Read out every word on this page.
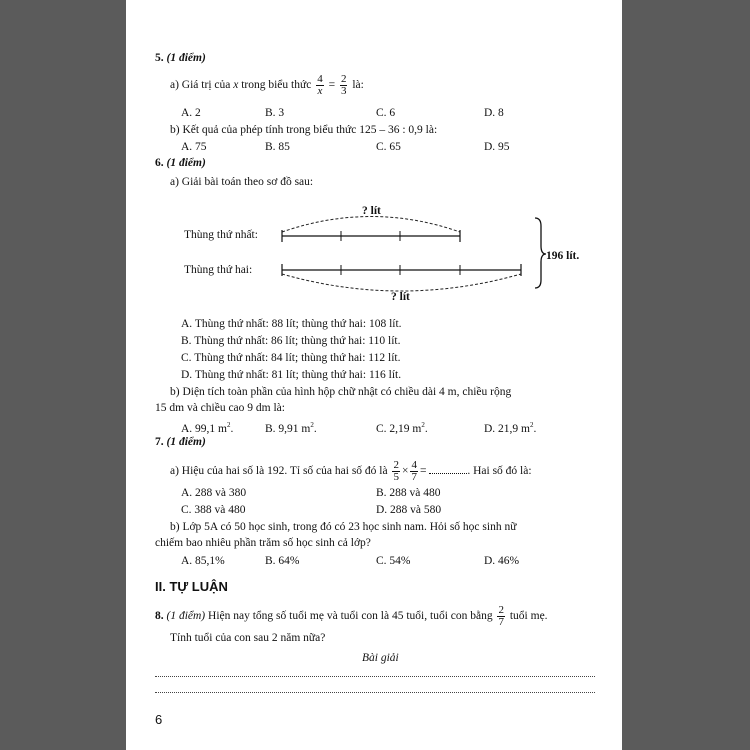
5. (1 điểm)
a) Giá trị của x trong biểu thức $\frac{4}{x} = \frac{2}{3}$ là:
A. 2	B. 3	C. 6	D. 8
b) Kết quả của phép tính trong biểu thức 125 – 36 : 0,9 là:
A. 75	B. 85	C. 65	D. 95
6. (1 điểm)
a) Giải bài toán theo sơ đồ sau:
Thùng thứ nhất:
Thùng thứ hai:
? lít
? lít
196 lít.
A. Thùng thứ nhất: 88 lít; thùng thứ hai: 108 lít.
B. Thùng thứ nhất: 86 lít; thùng thứ hai: 110 lít.
C. Thùng thứ nhất: 84 lít; thùng thứ hai: 112 lít.
D. Thùng thứ nhất: 81 lít; thùng thứ hai: 116 lít.
b) Diện tích toàn phần của hình hộp chữ nhật có chiều dài 4 m, chiều rộng
15 dm và chiều cao 9 dm là:
A. 99,1 $m^2$.	B. 9,91 $m^2$.	C. 2,19 $m^2$.	D. 21,9 $m^2$.
7. (1 điểm)
a) Hiệu của hai số là 192. Tỉ số của hai số đó là $\frac{2}{5} \times \frac{4}{7}$ =	. Hai số đó là:
A. 288 và 380	B. 288 và 480
C. 388 và 480	D. 288 và 580
b) Lớp 5A có 50 học sinh, trong đó có 23 học sinh nam. Hỏi số học sinh nữ
chiếm bao nhiêu phần trăm số học sinh cả lớp?
A. 85,1%	B. 64%	C. 54%	D. 46%
II. TỰ LUẬN
8. (1 điểm) Hiện nay tổng số tuổi mẹ và tuổi con là 45 tuổi, tuổi con bằng $\frac{2}{7}$ tuổi mẹ.
Tính tuổi của con sau 2 năm nữa?
Bài giải
6
